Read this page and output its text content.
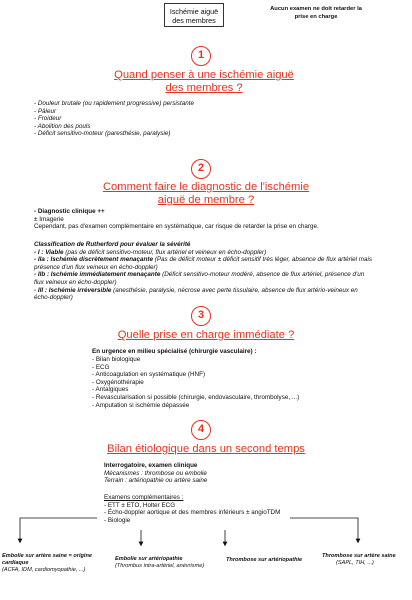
Ischémie aiguë des membres
Aucun examen ne doit retarder la prise en charge
1
Quand penser à une ischémie aiguë des membres ?
- Douleur brutale (ou rapidement progressive) persistante
- Pâleur
- Froideur
- Abolition des pouls
- Déficit sensitivo-moteur (paresthésie, paralysie)
2
Comment faire le diagnostic de l'ischémie aiguë de membre ?
- Diagnostic clinique ++
± Imagerie
Cependant, pas d'examen complémentaire en systématique, car risque de retarder la prise en charge.
Classification de Rutherford pour évaluer la sévérité
- I : Viable (pas de déficit sensitivo-moteur, flux artériel et veineux en écho-doppler)
- IIa : Ischémie discrètement menaçante (Pas de déficit moteur ± déficit sensitif très léger, absence de flux artériel mais présence d'un flux veineux en écho-doppler)
- IIb : Ischémie immédiatement menaçante (Déficit sensitivo-moteur modéré, absence de flux artériel, présence d'un flux veineux en écho-doppler)
- III : Ischémie irréversible (anesthésie, paralysie, nécrose avec perte tissulaire, absence de flux artério-veineux en écho-doppler)
3
Quelle prise en charge immédiate ?
En urgence en milieu spécialisé (chirurgie vasculaire) :
- Bilan biologique
- ECG
- Anticoagulation en systématique (HNF)
- Oxygénothérapie
- Antalgiques
- Revascularisation si possible (chirurgie, endovasculaire, thrombolyse, ...)
- Amputation si ischémie dépassée
4
Bilan étiologique dans un second temps
Interrogatoire, examen clinique
Mécanismes : thrombose ou embolie
Terrain : artériopathie ou artère saine
Examens complémentaires :
- ETT ± ETO, Holter ECG
- Écho-doppler aortique et des membres inférieurs ± angioTDM
- Biologie
Embolie sur artère saine = origine cardiaque
(ACFA, IDM, cardiomyopathie, ...)
Embolie sur artériopathie
(Thrombus intra-artériel, anévrisme)
Thrombose sur artériopathie
Thrombose sur artère saine
(SAPL, TIH, ...)
